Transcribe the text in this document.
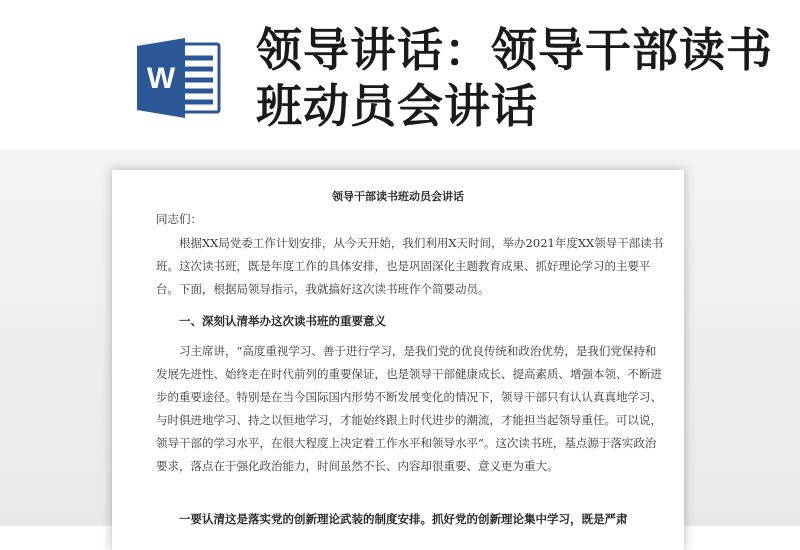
W
领导讲话：领导干部读书班动员会讲话
领导干部读书班动员会讲话

同志们：

根据XX局党委工作计划安排，从今天开始，我们利用X天时间，举办2021年度XX领导干部读书班。这次读书班，既是年度工作的具体安排，也是巩固深化主题教育成果、抓好理论学习的主要平台。下面，根据局领导指示，我就搞好这次读书班作个简要动员。

一、深刻认清举办这次读书班的重要意义

习主席讲，“高度重视学习、善于进行学习，是我们党的优良传统和政治优势，是我们党保持和发展先进性、始终走在时代前列的重要保证，也是领导干部健康成长、提高素质、增强本领、不断进步的重要途径。特别是在当今国际国内形势不断发展变化的情况下，领导干部只有认认真真地学习、与时俱进地学习、持之以恒地学习，才能始终跟上时代进步的潮流，才能担当起领导重任。可以说，领导干部的学习水平，在很大程度上决定着工作水平和领导水平”。这次读书班，基点源于落实政治要求，落点在于强化政治能力，时间虽然不长、内容却很重要、意义更为重大。

一要认清这是落实党的创新理论武装的制度安排。抓好党的创新理论集中学习，既是严肃
